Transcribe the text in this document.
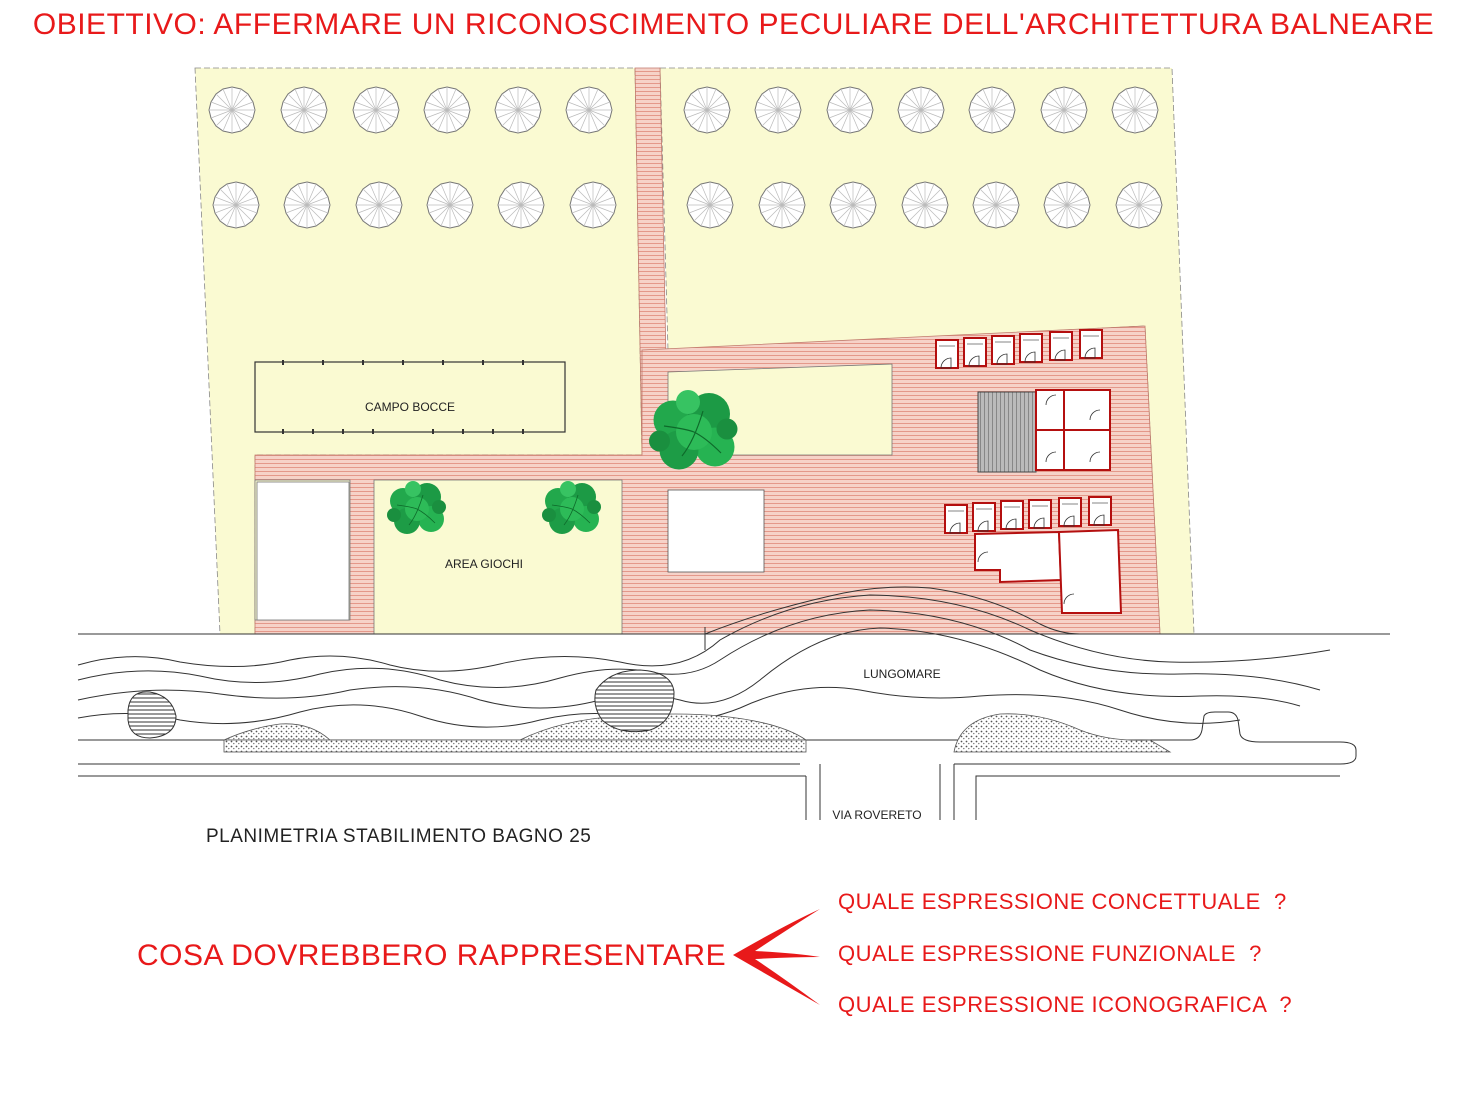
OBIETTIVO: AFFERMARE UN RICONOSCIMENTO PECULIARE DELL'ARCHITETTURA BALNEARE
CAMPO BOCCE
AREA GIOCHI
LUNGOMARE
VIA ROVERETO
PLANIMETRIA STABILIMENTO BAGNO 25
COSA DOVREBBERO RAPPRESENTARE
QUALE ESPRESSIONE CONCETTUALE  ?
QUALE ESPRESSIONE FUNZIONALE  ?
QUALE ESPRESSIONE ICONOGRAFICA  ?
